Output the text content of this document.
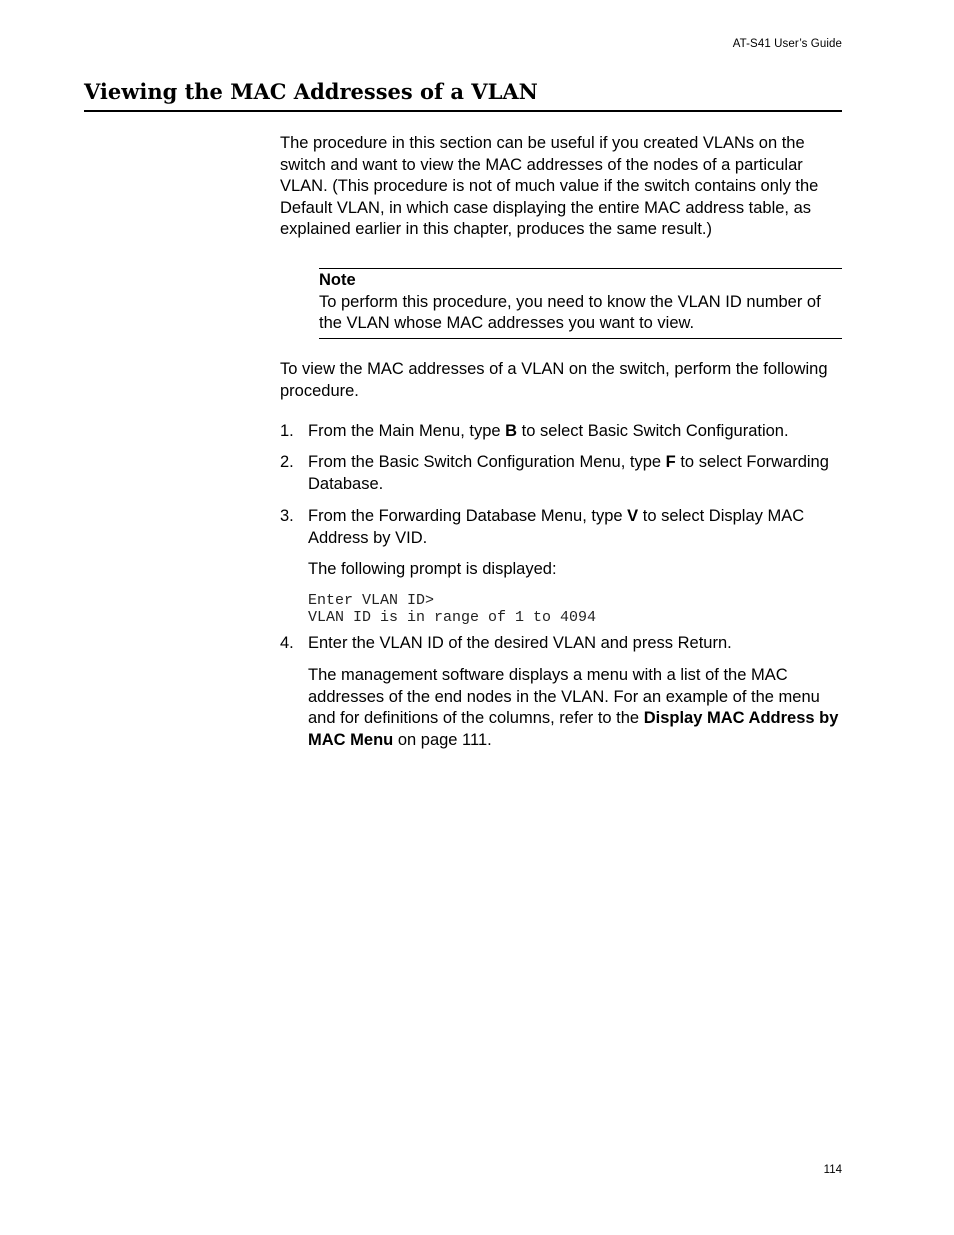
AT-S41 User’s Guide
Viewing the MAC Addresses of a VLAN
The procedure in this section can be useful if you created VLANs on the switch and want to view the MAC addresses of the nodes of a particular VLAN. (This procedure is not of much value if the switch contains only the Default VLAN, in which case displaying the entire MAC address table, as explained earlier in this chapter, produces the same result.)
Note
To perform this procedure, you need to know the VLAN ID number of the VLAN whose MAC addresses you want to view.
To view the MAC addresses of a VLAN on the switch, perform the following procedure.
1. From the Main Menu, type B to select Basic Switch Configuration.
2. From the Basic Switch Configuration Menu, type F to select Forwarding Database.
3. From the Forwarding Database Menu, type V to select Display MAC Address by VID.
The following prompt is displayed:
Enter VLAN ID>
VLAN ID is in range of 1 to 4094
4. Enter the VLAN ID of the desired VLAN and press Return.
The management software displays a menu with a list of the MAC addresses of the end nodes in the VLAN. For an example of the menu and for definitions of the columns, refer to the Display MAC Address by MAC Menu on page 111.
114
